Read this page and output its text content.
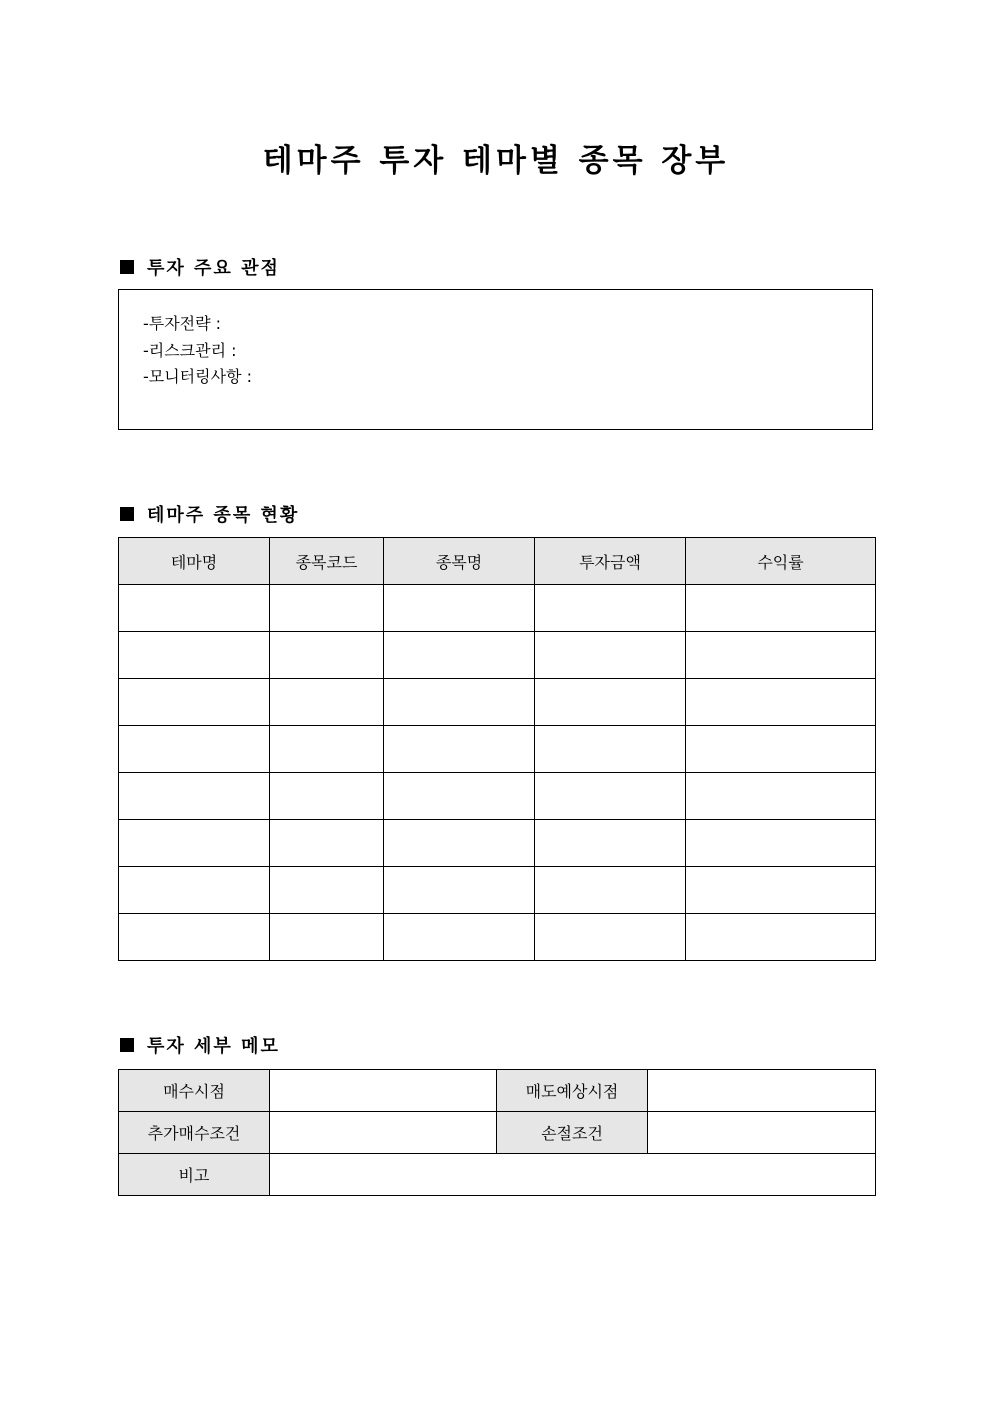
테마주 투자 테마별 종목 장부
투자 주요 관점
-투자전략 :
-리스크관리 :
-모니터링사항 :
테마주 종목 현황
테마명	종목코드	종목명	투자금액	수익률

투자 세부 메모
매수시점		매도예상시점	
추가매수조건		손절조건	
비고			
